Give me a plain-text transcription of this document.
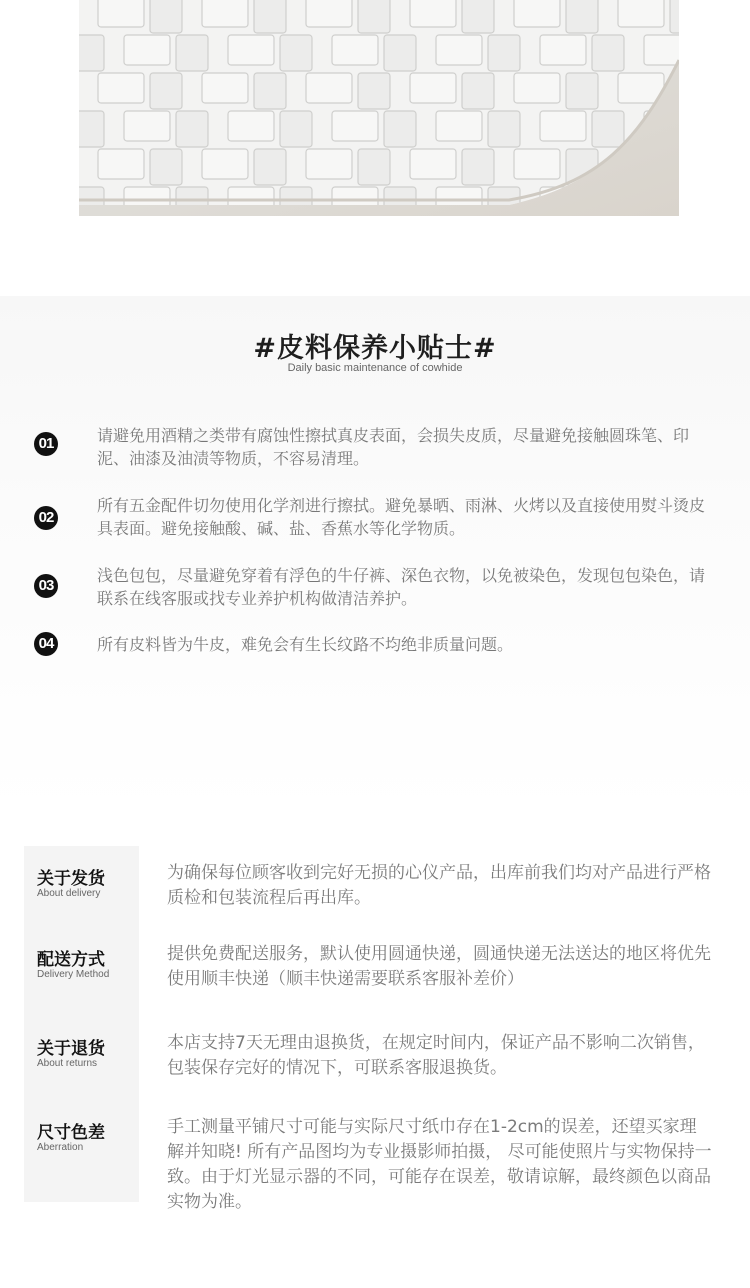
#皮料保养小贴士#
Daily basic maintenance of cowhide
01	请避免用酒精之类带有腐蚀性擦拭真皮表面，会损失皮质，尽量避免接触圆珠笔、印泥、油漆及油渍等物质，不容易清理。

02

所有五金配件切勿使用化学剂进行擦拭。避免暴晒、雨淋、火烤以及直接使用熨斗烫皮具表面。避免接触酸、碱、盐、香蕉水等化学物质。

03

浅色包包，尽量避免穿着有浮色的牛仔裤、深色衣物，以免被染色，发现包包染色，请联系在线客服或找专业养护机构做清洁养护。

04	所有皮料皆为牛皮，难免会有生长纹路不均绝非质量问题。

关于发货
About delivery

为确保每位顾客收到完好无损的心仪产品，出库前我们均对产品进行严格质检和包装流程后再出库。

配送方式
Delivery Method

提供免费配送服务，默认使用圆通快递，圆通快递无法送达的地区将优先使用顺丰快递（顺丰快递需要联系客服补差价）

关于退货
About returns

本店支持7天无理由退换货，在规定时间内，保证产品不影响二次销售，包装保存完好的情况下，可联系客服退换货。

尺寸色差
Aberration

手工测量平铺尺寸可能与实际尺寸纸巾存在1-2cm的误差，还望买家理解并知晓! 所有产品图均为专业摄影师拍摄， 尽可能使照片与实物保持一致。由于灯光显示器的不同，可能存在误差，敬请谅解，最终颜色以商品实物为准。
